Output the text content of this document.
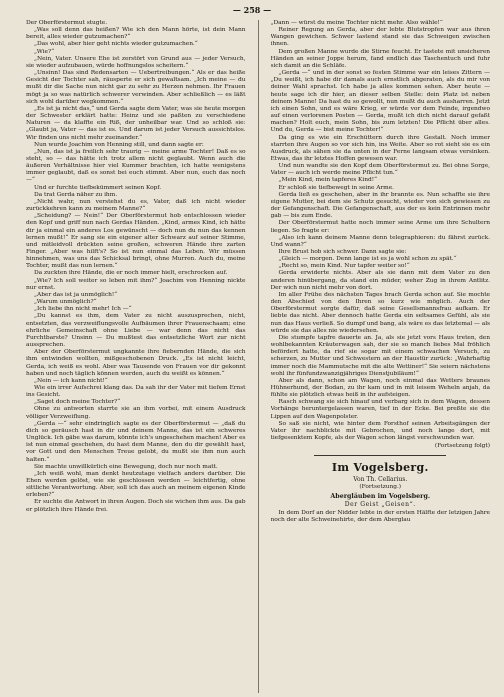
— 258 —

Der Oberförstermut stugte.

„Was soll denn das heißen? Wie ich den Mann hörte, ist dein Mann bereit, alles wieder gutzumachen?“

„Das wohl, aber hier geht nichts wieder gutzumachen.“

„Wie?“

„Nein, Vater. Unsere Ehe ist zerstört von Grund aus — jeder Versuch, sie wieder aufzubauen, würde hoffnungslos scheitern.“

„Unsinn! Das sind Redensarten — Uebertreibungen.“ Als er das heiße Gesicht der Tochter sah, räusperte er sich gewaltsam. „Ich meine — du mußt dir die Sache nun nicht gar zu sehr zu Herzen nehmen. Ihr Frauen mögt ja so was natürlich schwerer verwinden. Aber schließlich — es läßt sich wohl darüber wegkommen.“

„Es ist ja nicht das,“ und Gerda sagte dem Vater, was sie heute morgen der Schwester erklärt hatte: Heinz und sie paßten zu verschiedene Naturen — da klaffte ein Riß, der unheilbar war. Und so schloß sie: „Glaubt ja, Vater — das ist es. Und darum ist jeder Versuch aussichtslos. Wir finden uns nicht mehr zueinander.“

Nun wurde Joachim von Henning still, und dann sagte er:

„Nun, das ist ja freilich sehr traurig — meine arme Tochter! Daß es so steht, so — das hätte ich trotz allem nicht geglaubt. Wenn auch die äußeren Verhältnisse hier viel Kummer brachten, ich hatte wenigstens immer geglaubt, daß es sonst bei euch stimmt. Aber nun, euch das noch —“

Und er furchte tiefbekümmert seinen Kopf.

Da trat Gerda näher zu ihm.

„Nicht wahr, nun verstehst du es, Vater, daß ich nicht wieder zurückkehren kann zu meinem Manne?“

„Scheidung? — Nein!“ Der Oberförstermut hob entschlossen wieder den Kopf und griff nun nach Gerdas Händen. „Kind, armes Kind, ich hätte dir ja einmal ein anderes Los gewünscht — doch nun du nun das kennen lernen mußt!“ Er sang sie ein eigener alter Schwarz auf seiner Stimme, und mitleidvoll drückten seine großen, schweren Hände ihre zarten Finger. „Aber was hilft's? So ist nun einmal das Leben. Wir müssen hinnehmen, was uns das Schicksal bringt, ohne Murren. Auch du, meine Tochter, mußt das nun lernen.“

Da zuckten ihre Hände, die er noch immer hielt, erschrocken auf.

„Wie? Ich soll weiter so leben mit ihm?“ Joachim von Henning nickte nur ernst.

„Aber das ist ja unmöglich!“

„Warum unmöglich?“

„Ich liebe ihn nicht mehr! Ich —“

„Du kannst es ihm, dem Vater zu nicht auszusprechen, nicht, entsetzten, das verzweiflungsvolle Aufbäumen ihrer Frauenschaam; eine ehrliche Gemeinschaft ohne Liebe — war denn das nicht das Furchtbarste? Unsinn — Du mußtest das entsetzliche Wort zur nicht aussprechen.

Aber der Oberförstermut ungkannte ihre fiebernden Hände, die sich ihm entwinden wollten, mißgeschobenen Druck. „Es ist nicht leicht, Gerda, ich weiß es wohl. Aber was Tausende von Frauen vor dir gekonnt haben und noch täglich können werden, auch du weißt es können.“

„Nein — ich kann nicht!“

Wie ein irrer Aufschrei klang das. Da sah ihr der Vater mit tiefem Ernst ins Gesicht.

„Saget doch meine Tochter?“

Ohne zu antworten starrte sie an ihm vorbei, mit einem Ausdruck völliger Verzweiflung.

„Gerda —“ sehr eindringlich sagte es der Oberförstermut — „daß du dich so geräusch hast in dir und deinem Manne, das ist ein schweres Unglück. Ich gäbe was darum, könnte ich's ungeschehen machen! Aber es ist nun einmal geschehen, du hast dem Manne, den du dir gewählt hast, vor Gott und den Menschen Treue gelobt, du mußt sie ihm nun auch halten.“

Sie machte unwillkürlich eine Bewegung, doch nur noch matt.

„Ich weiß wohl, man denkt heutzutage vielfach anders darüber. Die Ehen werden gelöst, wie sie geschlossen werden — leichtfertig, ohne sittliche Verantwortung. Aber, soll ich das auch an meinem eigenen Kinde erleben?“

Er suchte die Antwort in ihren Augen. Doch sie wichen ihm aus. Da gab er plötzlich ihre Hände frei.

„Dann — würst du meine Tochter nicht mehr. Also wähle!“

Reiner Regung an Gerda, aber der lebte Blutstropfen war aus ihren Wangen gewichen. Schwer lastend stand sie das Schweigen zwischen ihnen.

Dem großen Manne wurde die Stirne feucht. Er tastete mit unsicheren Händen an seiner Joppe herum, fand endlich das Taschentuch und fuhr sich damit an die Schläfe.

„Gerda —“ und in der sonst so festen Stimme war ein leises Zittern — „Du weißt, ich habe dir damals auch ernstlich abgeraten, als du mir von deiner Wahl sprachst. Ich habe ja alles kommen sehen. Aber heute — heute sage ich dir hier, an dieser selben Stelle: dein Platz ist neben deinem Manne! Da hast du so gewollt, nun mußt du auch ausharren. Jetzt ich einen Sohn, und es wäre Krieg, er würde vor dem Feinde, irgendwo auf einen verlorenen Posten — Gerda, mußt ich dich nicht darauf gefaßt machen? Holt euch, mein Sohn, bis zum letzten! Die Pflicht über alles. Und du, Gerda — bist meine Tochter!“

Da ging es wie ein Erschüttern durch ihre Gestalt. Noch immer starrten ihre Augen so vor sich hin, ins Weite. Aber so rot sieht sie es ein Ausdruck, als sähen sie da unten in der Ferne langsam etwas versinken. Etwas, das ihr letztes Hoffen gewesen war.

Und nun wandte sie den Kopf dem Oberförstermut zu. Bei ohne Sorge, Vater — auch ich werde meine Pflicht tun.“

„Mein Kind, mein tapferes Kind!“

Er schloß sie tiefbewegt in seine Arme.

Gerda ließ es geschehen, aber in ihr brannte es. Nun schaffte sie ihre eigene Mutter, bei dem sie Schutz gesucht, wieder von sich gewiesen zu der Gefangenschaft. Die Gefangenschaft, aus der es kein Entrinnen mehr gab — bis zum Ende.

Der Oberförstermut hatte noch immer seine Arme um ihre Schultern liegen. So fragte er:

„Also ich kann deinem Manne denn telegraphieren: du fährst zurück. Und wann?“

Ihre Brust hob sich schwer. Dann sagte sie:

„Gleich — morgen. Denn lange ist es ja wohl schon zu spät.“

„Recht so, mein Kind. Nur tapfer weiter so!“

Gerda erwiderte nichts. Aber als sie dann mit dem Vater zu den anderen hinübergang, da stand ein müder, weher Zug in ihrem Antlitz. Der wich nun nicht mehr von dort.

Im aller Frühe des nächsten Tages brach Gerda schon auf. Sie mochte den Abschied von den Ihren so kurz wie möglich. Auch der Oberförstermut sorgte dafür, daß seine Gesellsmannsfrau aufkam. Er liebte das nicht. Aber dennoch hatte Gerda ein seltsames Gefühl, als sie nun das Haus verließ. So dumpf und bang, als wäre es das letztemal — als würde sie das alles nie wiedersehen.

Die stumpfe tapfre dauerte an. Ja, als sie jetzt vors Haus treten, den wohlbekannten Kräuterwagen sah, der sie so manch liebes Mal fröhlich befördert hatte, da rief sie sogar mit einem schwachen Versuch, zu scherzen, zu Mutter und Schwestern an der Haustür zurück: „Wahrhaftig immer noch die Mammutsche mit die alte Wettiner!“ Sie seiern nächstens wohl ihr fünfundzwanzigjähriges Dienstjubiläum!“

Aber als dann, schon am Wagen, noch einmal das Wetters braunes Hühnerhund, der Bodan, zu ihr kam und in mit leisem Weheln anjah, da fühlte sie plötzlich etwas heiß in ihr aufsteigen.

Rasch schwang sie sich hinauf und verbarg sich in dem Wagen, dessen Vorhänge heruntergelassen waren, tief in der Ecke. Bei preßte sie die Lippen auf den Wagenpolster.

So saß sie nicht, wie hinter dem Forsthof seinen Arbeitsgängen der Vater ihr nachblickte mit Gebrochen, und noch lange dort, mit tiefgesenktem Kopfe, als der Wagen schon längst verschwunden war.

(Fortsetzung folgt)
Im Vogelsberg.
Von Th. Cellarius.
(Fortsetzung.)
Abergläuben im Vogelsberg.
Der Geist „Geisen“.

In dem Dorf an der Nidder lebte in der ersten Hälfte der letzigen Jahre noch der alte Schweinehirte, der dem Aberglau
